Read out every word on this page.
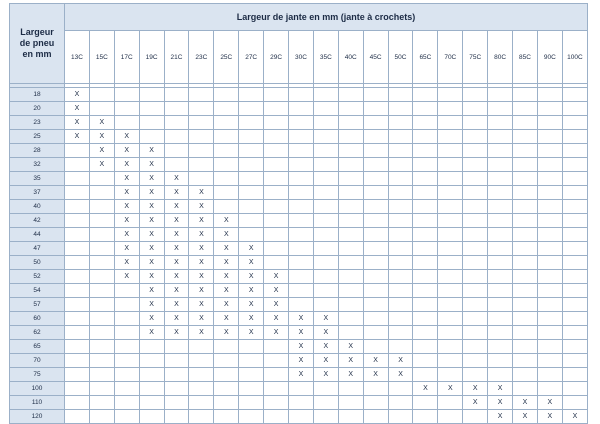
Largeur
de pneu
en mm	Largeur de jante en mm (jante à crochets)																				
	13C	15C	17C	19C	21C	23C	25C	27C	29C	30C	35C	40C	45C	50C	65C	70C	75C	80C	85C	90C	100C

18	X																				
20	X																				
23	X	X																			
25	X	X	X																		
28		X	X	X																	
32		X	X	X																	
35			X	X	X																
37			X	X	X	X															
40			X	X	X	X															
42			X	X	X	X	X														
44			X	X	X	X	X														
47			X	X	X	X	X	X													
50			X	X	X	X	X	X													
52			X	X	X	X	X	X	X												
54				X	X	X	X	X	X												
57				X	X	X	X	X	X												
60				X	X	X	X	X	X	X	X										
62				X	X	X	X	X	X	X	X										
65										X	X	X									
70										X	X	X	X	X							
75										X	X	X	X	X							
100															X	X	X	X			
110																	X	X	X	X	
120																		X	X	X	X
